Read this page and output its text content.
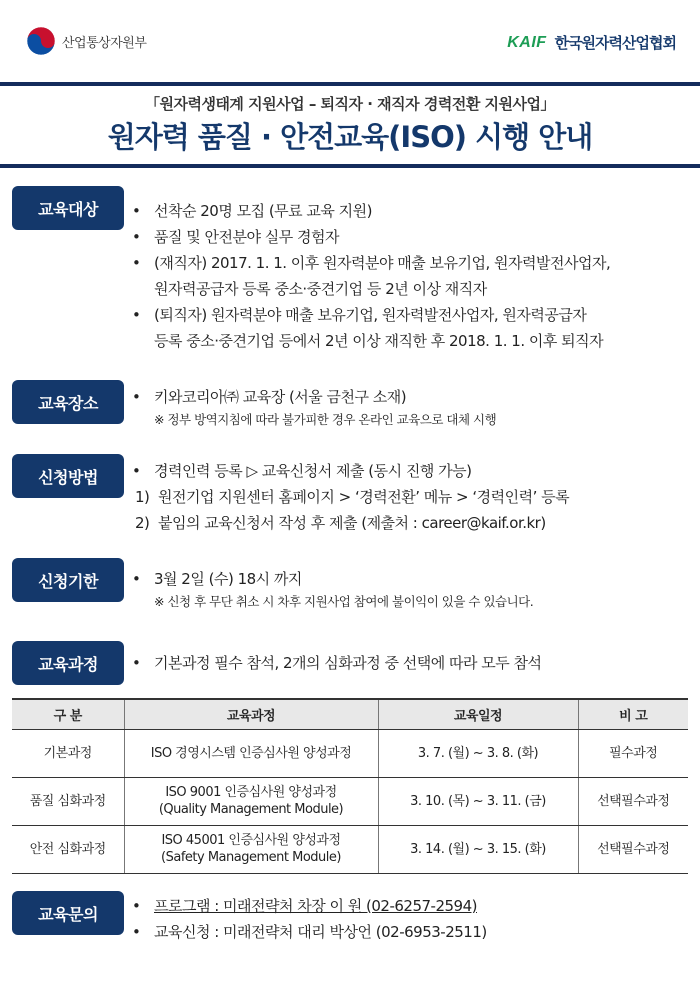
산업통상자원부	KAIF 한국원자력산업협회
「원자력생태계 지원사업 – 퇴직자 · 재직자 경력전환 지원사업」
원자력 품질 · 안전교육(ISO) 시행 안내
교육대상	• 선착순 20명 모집 (무료 교육 지원)
• 품질 및 안전분야 실무 경험자
• (재직자) 2017. 1. 1. 이후 원자력분야 매출 보유기업, 원자력발전사업자,
원자력공급자 등록 중소·중견기업 등 2년 이상 재직자
• (퇴직자) 원자력분야 매출 보유기업, 원자력발전사업자, 원자력공급자
등록 중소·중견기업 등에서 2년 이상 재직한 후 2018. 1. 1. 이후 퇴직자
교육장소	• 키와코리아㈜ 교육장 (서울 금천구 소재)
※ 정부 방역지침에 따라 불가피한 경우 온라인 교육으로 대체 시행
신청방법	• 경력인력 등록 ▷ 교육신청서 제출 (동시 진행 가능)
1) 원전기업 지원센터 홈페이지 > ‘경력전환’ 메뉴 > ‘경력인력’ 등록
2) 붙임의 교육신청서 작성 후 제출 (제출처 : career@kaif.or.kr)
신청기한	• 3월 2일 (수) 18시 까지
※ 신청 후 무단 취소 시 차후 지원사업 참여에 불이익이 있을 수 있습니다.
교육과정	• 기본과정 필수 참석, 2개의 심화과정 중 선택에 따라 모두 참석
구 분	교육과정	교육일정	비 고
기본과정	ISO 경영시스템 인증심사원 양성과정	3. 7. (월) ~ 3. 8. (화)	필수과정
품질 심화과정	ISO 9001 인증심사원 양성과정
(Quality Management Module)	3. 10. (목) ~ 3. 11. (금)	선택필수과정
안전 심화과정	ISO 45001 인증심사원 양성과정
(Safety Management Module)	3. 14. (월) ~ 3. 15. (화)	선택필수과정
교육문의	• 프로그램 : 미래전략처 차장 이 원 (02-6257-2594)
• 교육신청 : 미래전략처 대리 박상언 (02-6953-2511)
